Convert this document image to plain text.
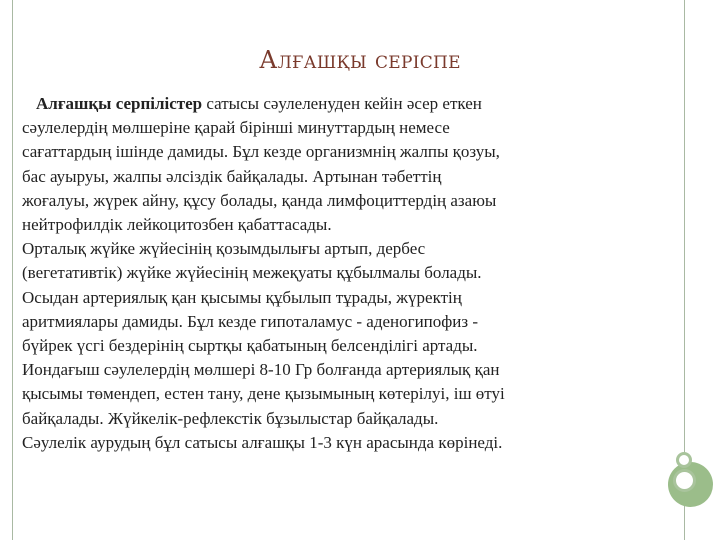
Алғашқы серіспе
Алғашқы серпілістер сатысы сәулеленуден кейін әсер еткен
сәулелердің мөлшеріне қарай бірінші минуттардың немесе
сағаттардың ішінде дамиды. Бұл кезде организмнің жалпы қозуы,
бас ауыруы, жалпы әлсіздік байқалады. Артынан тәбеттің
жоғалуы, жүрек айну, құсу болады, қанда лимфоциттердің азаюы
нейтрофилдік лейкоцитозбен қабаттасады.
Орталық жүйке жүйесінің қозымдылығы артып, дербес
(вегетативтік) жүйке жүйесінің межеқуаты құбылмалы болады.
Осыдан артериялық қан қысымы құбылып тұрады, жүректің
аритмиялары дамиды. Бұл кезде гипоталамус - аденогипофиз -
бүйрек үсгі бездерінің сыртқы қабатының белсенділігі артады.
Иондағыш сәулелердің мөлшері 8-10 Гр болғанда артериялық қан
қысымы төмендеп, естен тану, дене қызымының көтерілуі, іш өтуі
байқалады. Жүйкелік-рефлекстік бұзылыстар байқалады.
Сәулелік аурудың бұл сатысы алғашқы 1-3 күн арасында көрінеді.
